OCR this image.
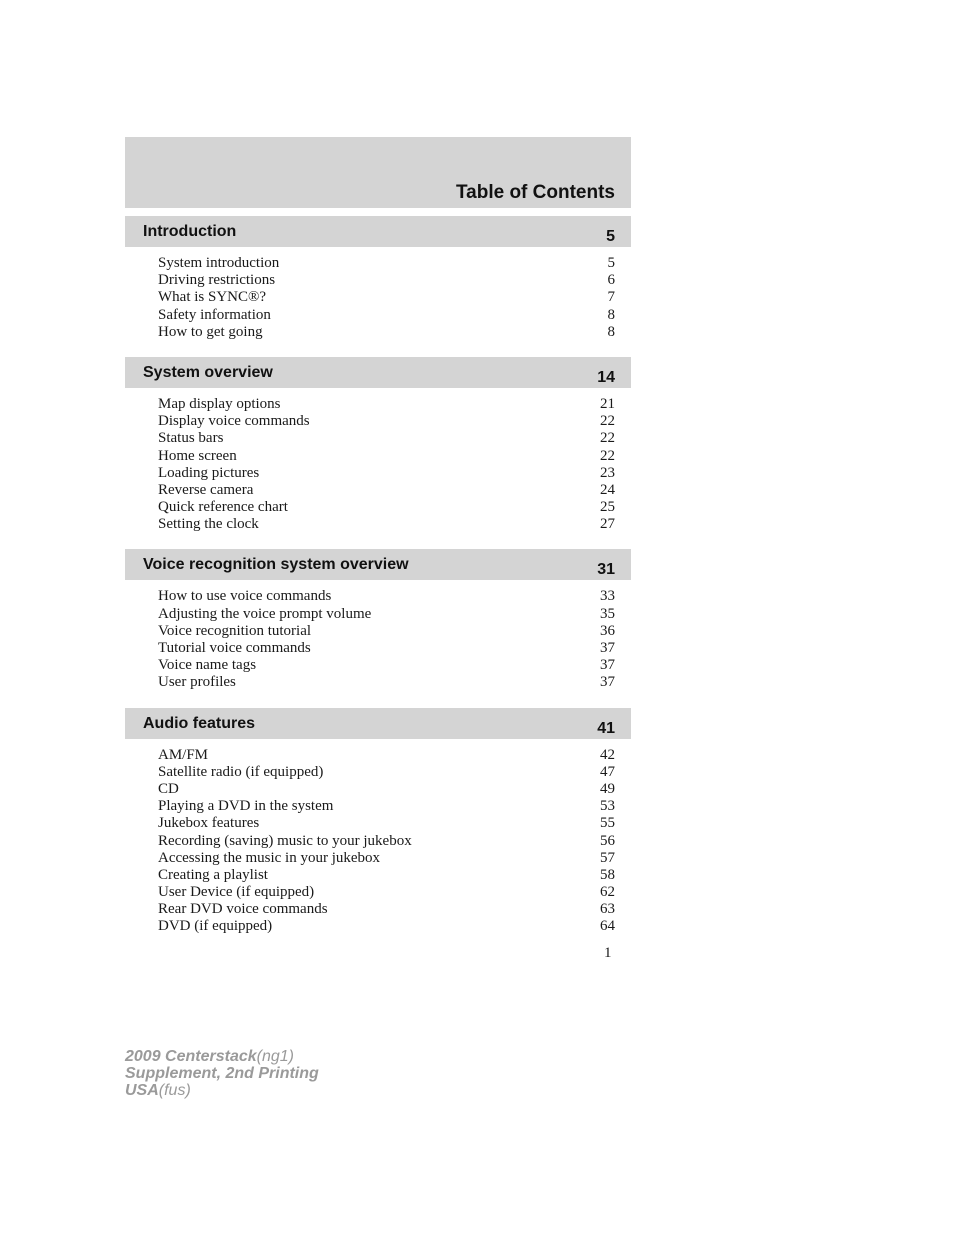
Table of Contents
Introduction	5
System introduction	5
Driving restrictions	6
What is SYNC®?	7
Safety information	8
How to get going	8
System overview	14
Map display options	21
Display voice commands	22
Status bars	22
Home screen	22
Loading pictures	23
Reverse camera	24
Quick reference chart	25
Setting the clock	27
Voice recognition system overview	31
How to use voice commands	33
Adjusting the voice prompt volume	35
Voice recognition tutorial	36
Tutorial voice commands	37
Voice name tags	37
User profiles	37
Audio features	41
AM/FM	42
Satellite radio (if equipped)	47
CD	49
Playing a DVD in the system	53
Jukebox features	55
Recording (saving) music to your jukebox	56
Accessing the music in your jukebox	57
Creating a playlist	58
User Device (if equipped)	62
Rear DVD voice commands	63
DVD (if equipped)	64
1
2009 Centerstack(ng1)
Supplement, 2nd Printing
USA(fus)
